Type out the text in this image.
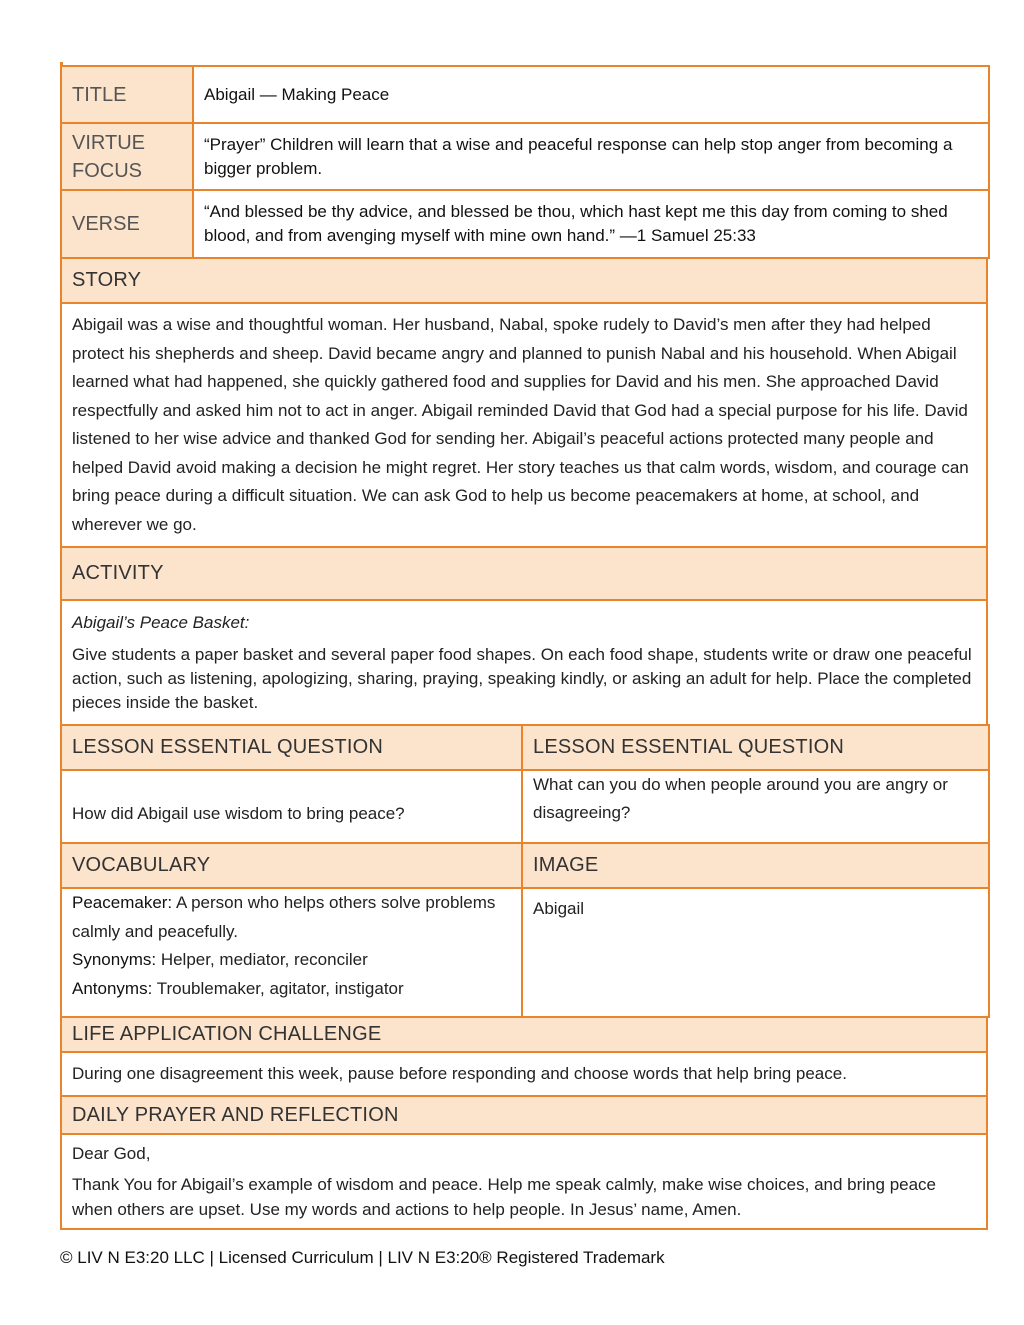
TITLE	Abigail — Making Peace

VIRTUE
FOCUS	“Prayer” Children will learn that a wise and peaceful response can help stop anger from becoming a bigger problem.
VERSE	“And blessed be thy advice, and blessed be thou, which hast kept me this day from coming to shed blood, and from avenging myself with mine own hand.” —1 Samuel 25:33
STORY
Abigail was a wise and thoughtful woman. Her husband, Nabal, spoke rudely to David’s men after they had helped protect his shepherds and sheep. David became angry and planned to punish Nabal and his household. When Abigail learned what had happened, she quickly gathered food and supplies for David and his men. She approached David respectfully and asked him not to act in anger. Abigail reminded David that God had a special purpose for his life. David listened to her wise advice and thanked God for sending her. Abigail’s peaceful actions protected many people and helped David avoid making a decision he might regret. Her story teaches us that calm words, wisdom, and courage can bring peace during a difficult situation. We can ask God to help us become peacemakers at home, at school, and wherever we go.
ACTIVITY

Abigail’s Peace Basket:
Give students a paper basket and several paper food shapes. On each food shape, students write or draw one peaceful action, such as listening, apologizing, sharing, praying, speaking kindly, or asking an adult for help. Place the completed pieces inside the basket.
LESSON ESSENTIAL QUESTION	LESSON ESSENTIAL QUESTION
How did Abigail use wisdom to bring peace?	What can you do when people around you are angry or disagreeing?
VOCABULARY	IMAGE

Peacemaker: A person who helps others solve problems calmly and peacefully.
Synonyms: Helper, mediator, reconciler
Antonyms: Troublemaker, agitator, instigator	Abigail
LIFE APPLICATION CHALLENGE
During one disagreement this week, pause before responding and choose words that help bring peace.
DAILY PRAYER AND REFLECTION

Dear God,
Thank You for Abigail’s example of wisdom and peace. Help me speak calmly, make wise choices, and bring peace when others are upset. Use my words and actions to help people. In Jesus’ name, Amen.
© LIV N E3:20 LLC | Licensed Curriculum | LIV N E3:20® Registered Trademark
